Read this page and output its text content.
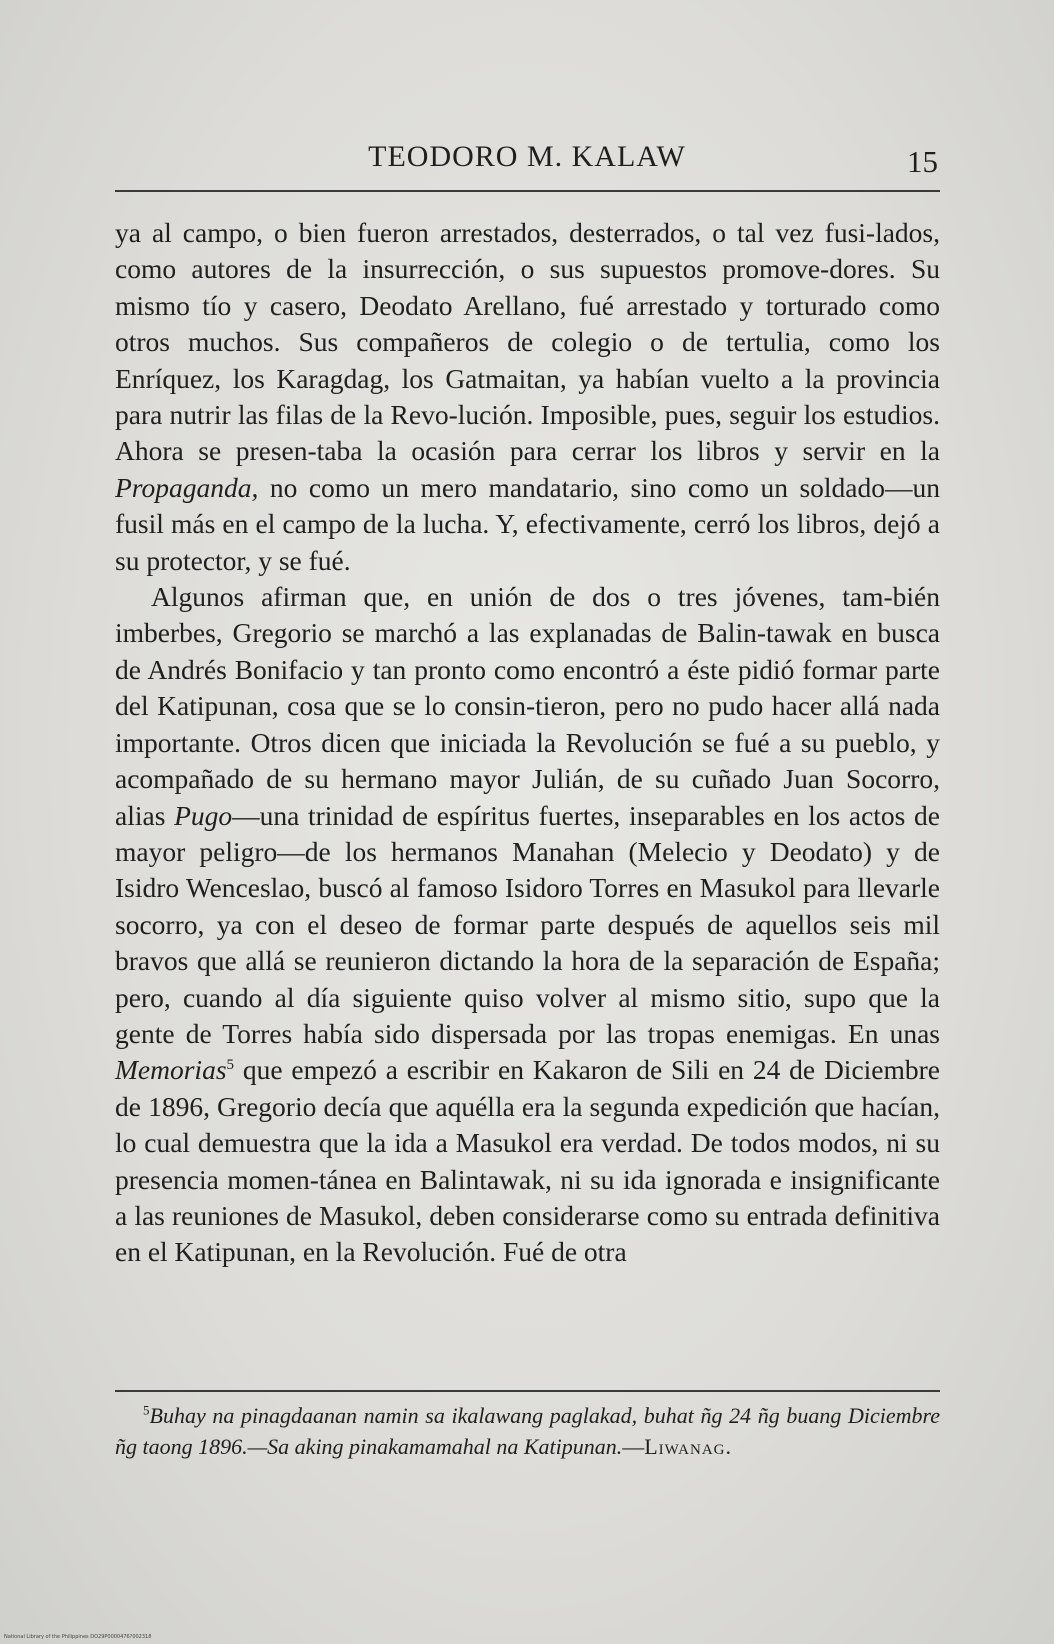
TEODORO M. KALAW	15

ya al campo, o bien fueron arrestados, desterrados, o tal vez fusi-lados, como autores de la insurrección, o sus supuestos promove-dores. Su mismo tío y casero, Deodato Arellano, fué arrestado y torturado como otros muchos. Sus compañeros de colegio o de tertulia, como los Enríquez, los Karagdag, los Gatmaitan, ya habían vuelto a la provincia para nutrir las filas de la Revo-lución. Imposible, pues, seguir los estudios. Ahora se presen-taba la ocasión para cerrar los libros y servir en la Propaganda, no como un mero mandatario, sino como un soldado—un fusil más en el campo de la lucha. Y, efectivamente, cerró los libros, dejó a su protector, y se fué.

Algunos afirman que, en unión de dos o tres jóvenes, tam-bién imberbes, Gregorio se marchó a las explanadas de Balin-tawak en busca de Andrés Bonifacio y tan pronto como encontró a éste pidió formar parte del Katipunan, cosa que se lo consin-tieron, pero no pudo hacer allá nada importante. Otros dicen que iniciada la Revolución se fué a su pueblo, y acompañado de su hermano mayor Julián, de su cuñado Juan Socorro, alias Pugo—una trinidad de espíritus fuertes, inseparables en los actos de mayor peligro—de los hermanos Manahan (Melecio y Deodato) y de Isidro Wenceslao, buscó al famoso Isidoro Torres en Masukol para llevarle socorro, ya con el deseo de formar parte después de aquellos seis mil bravos que allá se reunieron dictando la hora de la separación de España; pero, cuando al día siguiente quiso volver al mismo sitio, supo que la gente de Torres había sido dispersada por las tropas enemigas. En unas Memorias$^5$ que empezó a escribir en Kakaron de Sili en 24 de Diciembre de 1896, Gregorio decía que aquélla era la segunda expedición que hacían, lo cual demuestra que la ida a Masukol era verdad. De todos modos, ni su presencia momen-tánea en Balintawak, ni su ida ignorada e insignificante a las reuniones de Masukol, deben considerarse como su entrada definitiva en el Katipunan, en la Revolución. Fué de otra

$^5$Buhay na pinagdaanan namin sa ikalawang paglakad, buhat ñg 24 ñg buang Diciembre ñg taong 1896.—Sa aking pinakamamahal na Katipunan.—Liwanag.

National Library of the Philippines DO29P0000476?002318
